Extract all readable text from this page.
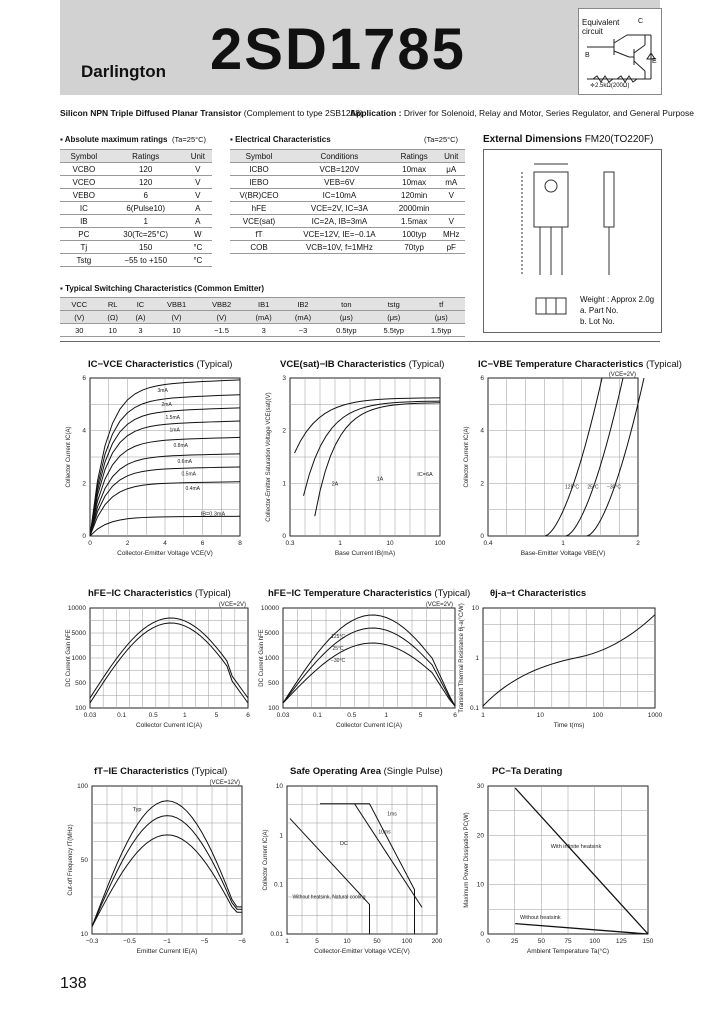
Darlington 2SD1785	Equivalent circuit
C
B
E
≑2.5kΩ(200Ω)
Silicon NPN Triple Diffused Planar Transistor (Complement to type 2SB1258)
Application : Driver for Solenoid, Relay and Motor, Series Regulator, and General Purpose
▪ Absolute maximum ratings (Ta=25°C)
Symbol	Ratings	Unit
VCBO	120	V
VCEO	120	V
VEBO	6	V
IC	6(Pulse10)	A
IB	1	A
PC	30(Tc=25°C)	W
Tj	150	°C
Tstg	−55 to +150	°C
▪ Electrical Characteristics	(Ta=25°C)
Symbol	Conditions	Ratings	Unit
ICBO	VCB=120V	10max	μA
IEBO	VEB=6V	10max	mA
V(BR)CEO	IC=10mA	120min	V
hFE	VCE=2V, IC=3A	2000min	
VCE(sat)	IC=2A, IB=3mA	1.5max	V
fT	VCE=12V, IE=−0.1A	100typ	MHz
COB	VCB=10V, f=1MHz	70typ	pF
▪ Typical Switching Characteristics (Common Emitter)
VCC	RL	IC	VBB1	VBB2	IB1	IB2	ton	tstg	tf
(V)	(Ω)	(A)	(V)	(V)	(mA)	(mA)	(μs)	(μs)	(μs)
30	10	3	10	−1.5	3	−3	0.5typ	5.5typ	1.5typ
External Dimensions FM20(TO220F)
Weight : Approx 2.0g
a. Part No.
b. Lot No.
IC−VCE Characteristics (Typical)	VCE(sat)−IB Characteristics (Typical)	IC−VBE Temperature Characteristics (Typical)
hFE−IC Characteristics (Typical)	hFE−IC Temperature Characteristics (Typical) θj-a−t Characteristics
fT−IE Characteristics (Typical)	Safe Operating Area (Single Pulse)	PC−Ta Derating
0	2	4	6	8
0
2
4
6
Collector-Emitter Voltage VCE(V)
Collector Current IC(A)
3mA
2mA
1.5mA
1mA
0.8mA
0.6mA
0.5mA
0.4mA
IB=0.3mA
0.3	1	10	100
0
1
2
3
Base Current IB(mA)
Collector-Emitter Saturation Voltage VCE(sat)(V)	2A
1A
IC=6A
0.4	1	2
0
2
4
6
Base-Emitter Voltage VBE(V)
Collector Current IC(A)
(VCE=2V)
125°C 25°C −30°C
0.03	0.1	0.5	1	5	6
100
500
1000
5000
10000
Collector Current IC(A)
DC Current Gain hFE
(VCE=2V)
0.03	0.1	0.5	1	5	6
100
500
1000
5000
10000
Collector Current IC(A)
DC Current Gain hFE
(VCE=2V)
125°C
25°C
−30°C
1	10	100	1000
0.1
1
10
Time t(ms)
Transient Thermal Resistance θj-a(°C/W)
−0.3	−0.5	−1	−5	−6
10
50
100
Emitter Current IE(A)
Cut-off Frequency fT(MHz)
(VCE=12V)
Typ
1	5	10	50	100	200
0.01
0.1
1
10
Collector-Emitter Voltage VCE(V)
Collector Current IC(A)	DC
10ms
1ms
Without heatsink, Natural cooling
0	25	50	75	100 125 150
0
10
20
30
Ambient Temperature Ta(°C)
Maximum Power Dissipation PC(W)	With infinite heatsink
Without heatsink
138
